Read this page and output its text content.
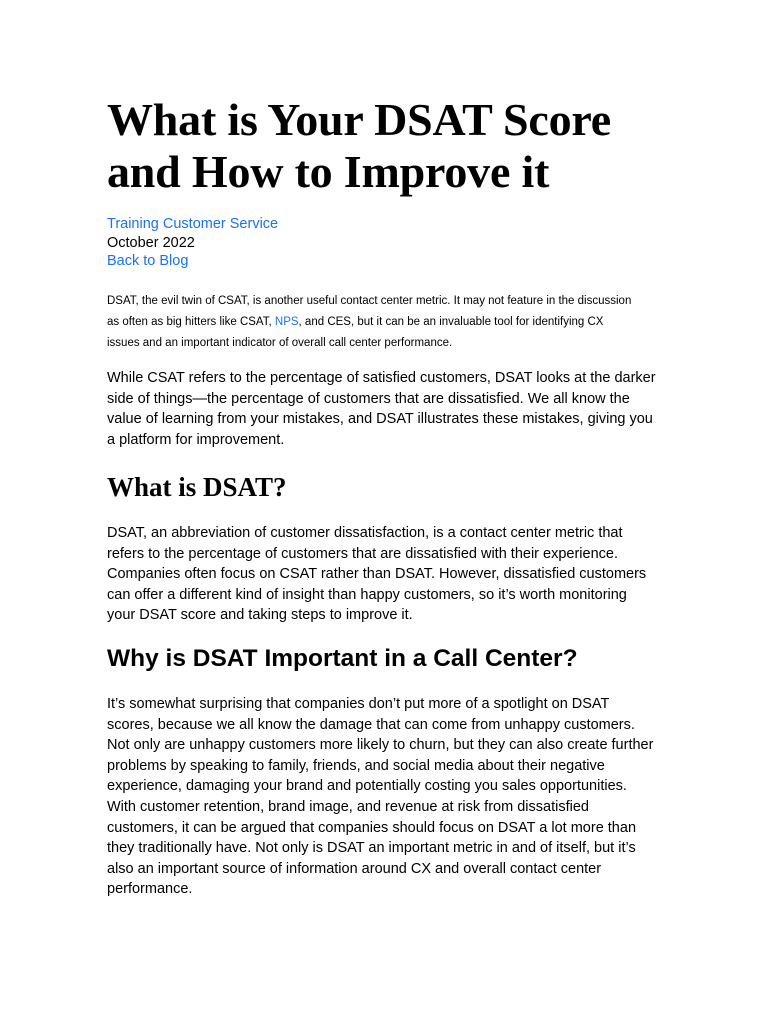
What is Your DSAT Score and How to Improve it
Training Customer Service
October 2022
Back to Blog

DSAT, the evil twin of CSAT, is another useful contact center metric. It may not feature in the discussion as often as big hitters like CSAT, NPS, and CES, but it can be an invaluable tool for identifying CX issues and an important indicator of overall call center performance.

While CSAT refers to the percentage of satisfied customers, DSAT looks at the darker side of things—the percentage of customers that are dissatisfied. We all know the value of learning from your mistakes, and DSAT illustrates these mistakes, giving you a platform for improvement.

What is DSAT?

DSAT, an abbreviation of customer dissatisfaction, is a contact center metric that refers to the percentage of customers that are dissatisfied with their experience. Companies often focus on CSAT rather than DSAT. However, dissatisfied customers can offer a different kind of insight than happy customers, so it’s worth monitoring your DSAT score and taking steps to improve it.

Why is DSAT Important in a Call Center?

It’s somewhat surprising that companies don’t put more of a spotlight on DSAT scores, because we all know the damage that can come from unhappy customers. Not only are unhappy customers more likely to churn, but they can also create further problems by speaking to family, friends, and social media about their negative experience, damaging your brand and potentially costing you sales opportunities. With customer retention, brand image, and revenue at risk from dissatisfied customers, it can be argued that companies should focus on DSAT a lot more than they traditionally have. Not only is DSAT an important metric in and of itself, but it’s also an important source of information around CX and overall contact center performance.
